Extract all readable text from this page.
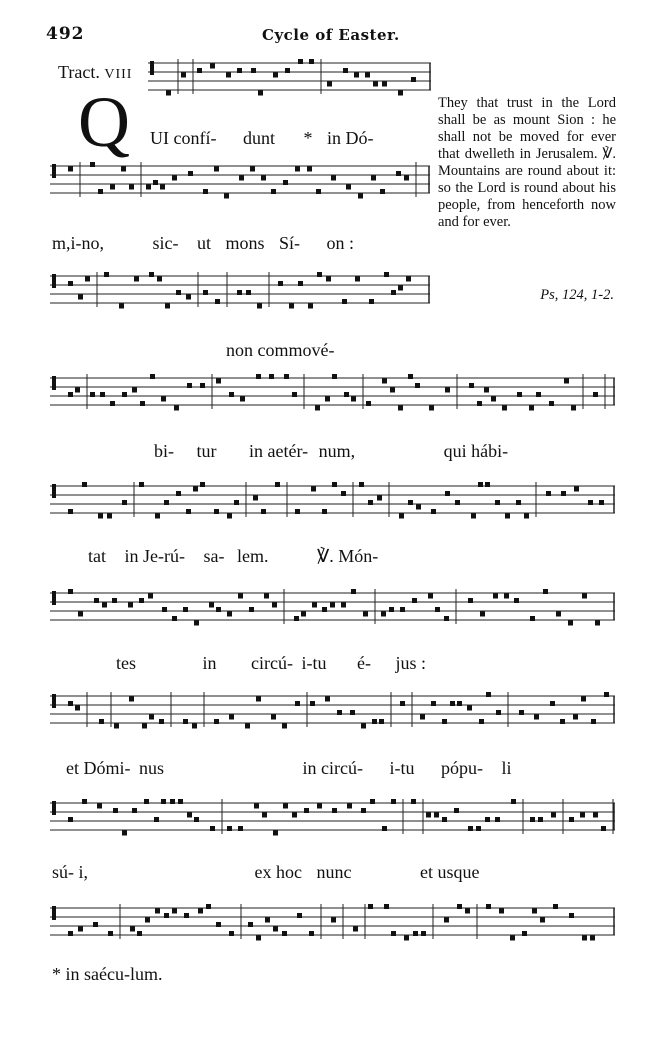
492	Cycle of Easter.
Tract. VIII
Q UI confí- dunt * in Dó-
m,i-no,	sic- ut mons Sí- on :
non commové-
bi- tur in aetér- num,	qui hábi-
tat in Je-rú- sa- lem.	℣. Món-
tes	in circú- i-tu é- jus :
et Dómi- nus	in circú- i-tu pópu- li
sú- i,	ex hoc nunc	et usque
* in saécu-lum.
They that trust in the Lord shall be as mount Sion : he shall not be moved for ever that dwelleth in Jerusalem. ℣. Mountains are round about it: so the Lord is round about his people, from henceforth now and for ever.
Ps, 124, 1-2.
